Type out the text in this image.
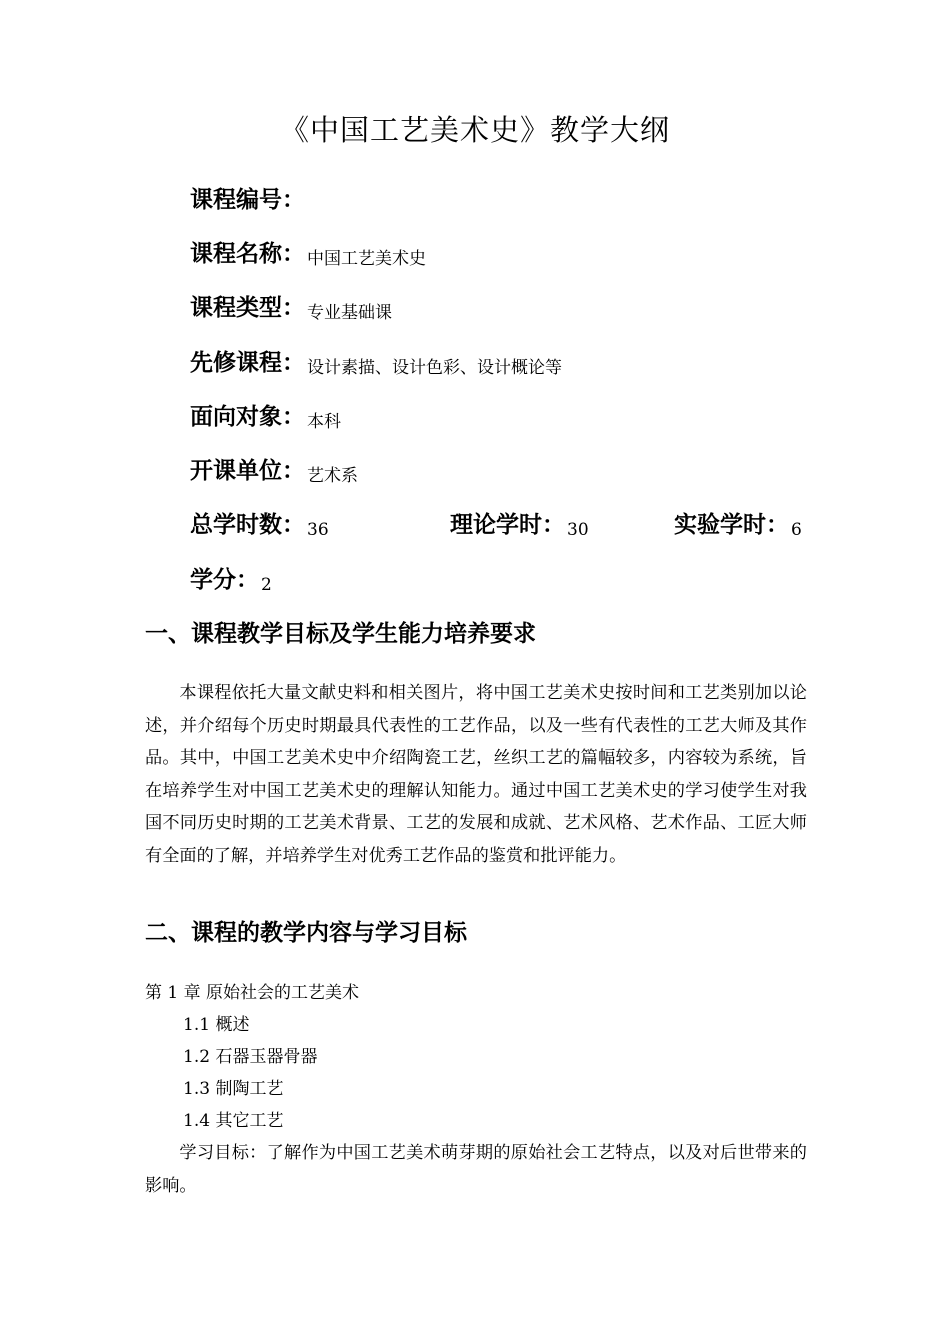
《中国工艺美术史》教学大纲
课程编号：
课程名称： 中国工艺美术史
课程类型： 专业基础课
先修课程： 设计素描、设计色彩、设计概论等
面向对象： 本科
开课单位： 艺术系
总学时数： 36	理论学时： 30	实验学时： 6
学分： 2
一、课程教学目标及学生能力培养要求

本课程依托大量文献史料和相关图片，将中国工艺美术史按时间和工艺类别加以论述，并介绍每个历史时期最具代表性的工艺作品，以及一些有代表性的工艺大师及其作品。其中，中国工艺美术史中介绍陶瓷工艺，丝织工艺的篇幅较多，内容较为系统，旨在培养学生对中国工艺美术史的理解认知能力。通过中国工艺美术史的学习使学生对我国不同历史时期的工艺美术背景、工艺的发展和成就、艺术风格、艺术作品、工匠大师有全面的了解，并培养学生对优秀工艺作品的鉴赏和批评能力。

二、课程的教学内容与学习目标
第 1 章 原始社会的工艺美术
1.1 概述
1.2 石器玉器骨器
1.3 制陶工艺
1.4 其它工艺

学习目标：了解作为中国工艺美术萌芽期的原始社会工艺特点，以及对后世带来的影响。
